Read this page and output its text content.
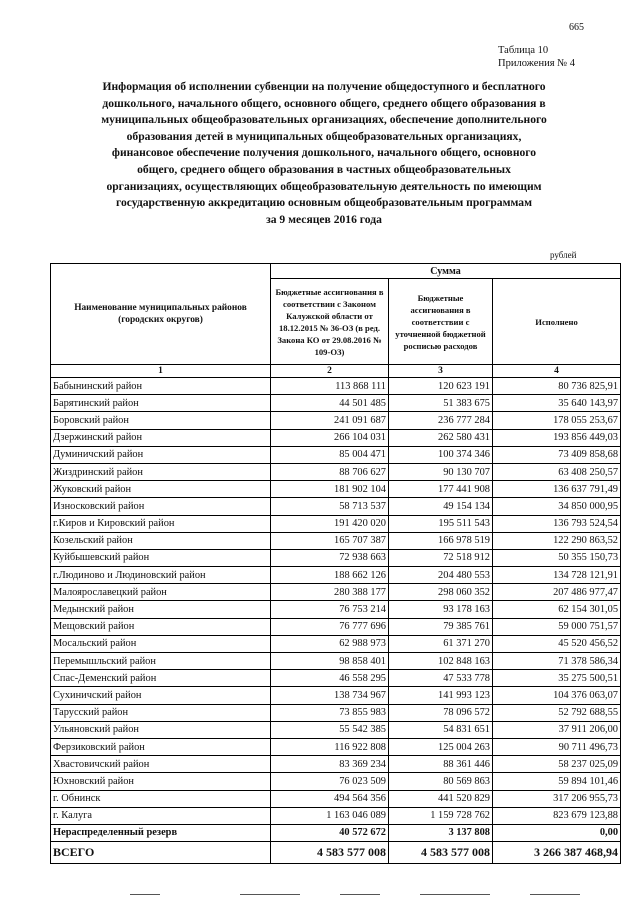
665
Таблица 10
Приложения № 4
Информация об исполнении субвенции на получение общедоступного и бесплатного
дошкольного, начального общего, основного общего, среднего общего образования в
муниципальных общеобразовательных организациях, обеспечение дополнительного
образования детей в муниципальных общеобразовательных организациях,
финансовое обеспечение получения дошкольного, начального общего, основного
общего, среднего общего образования в частных общеобразовательных
организациях, осуществляющих общеобразовательную деятельность по имеющим
государственную аккредитацию основным общеобразовательным программам
за 9 месяцев 2016 года
рублей
Наименование муниципальных районов (городских округов)	Сумма		
	Бюджетные ассигнования в соответствии с Законом Калужской области от 18.12.2015 № 36-ОЗ (в ред. Закона КО от 29.08.2016 № 109-ОЗ)	Бюджетные ассигнования в соответствии с уточненной бюджетной росписью расходов	Исполнено
1	2	3	4
Бабынинский район	113 868 111	120 623 191	80 736 825,91
Барятинский район	44 501 485	51 383 675	35 640 143,97
Боровский район	241 091 687	236 777 284	178 055 253,67
Дзержинский район	266 104 031	262 580 431	193 856 449,03
Думиничский район	85 004 471	100 374 346	73 409 858,68
Жиздринский район	88 706 627	90 130 707	63 408 250,57
Жуковский район	181 902 104	177 441 908	136 637 791,49
Износковский район	58 713 537	49 154 134	34 850 000,95
г.Киров и Кировский район	191 420 020	195 511 543	136 793 524,54
Козельский район	165 707 387	166 978 519	122 290 863,52
Куйбышевский район	72 938 663	72 518 912	50 355 150,73
г.Людиново и Людиновский район	188 662 126	204 480 553	134 728 121,91
Малоярославецкий район	280 388 177	298 060 352	207 486 977,47
Медынский район	76 753 214	93 178 163	62 154 301,05
Мещовский район	76 777 696	79 385 761	59 000 751,57
Мосальский район	62 988 973	61 371 270	45 520 456,52
Перемышльский район	98 858 401	102 848 163	71 378 586,34
Спас-Деменский район	46 558 295	47 533 778	35 275 500,51
Сухиничский район	138 734 967	141 993 123	104 376 063,07
Тарусский район	73 855 983	78 096 572	52 792 688,55
Ульяновский район	55 542 385	54 831 651	37 911 206,00
Ферзиковский район	116 922 808	125 004 263	90 711 496,73
Хвастовичский район	83 369 234	88 361 446	58 237 025,09
Юхновский район	76 023 509	80 569 863	59 894 101,46
г. Обнинск	494 564 356	441 520 829	317 206 955,73
г. Калуга	1 163 046 089	1 159 728 762	823 679 123,88
Нераспределенный резерв	40 572 672	3 137 808	0,00
ВСЕГО	4 583 577 008	4 583 577 008	3 266 387 468,94
